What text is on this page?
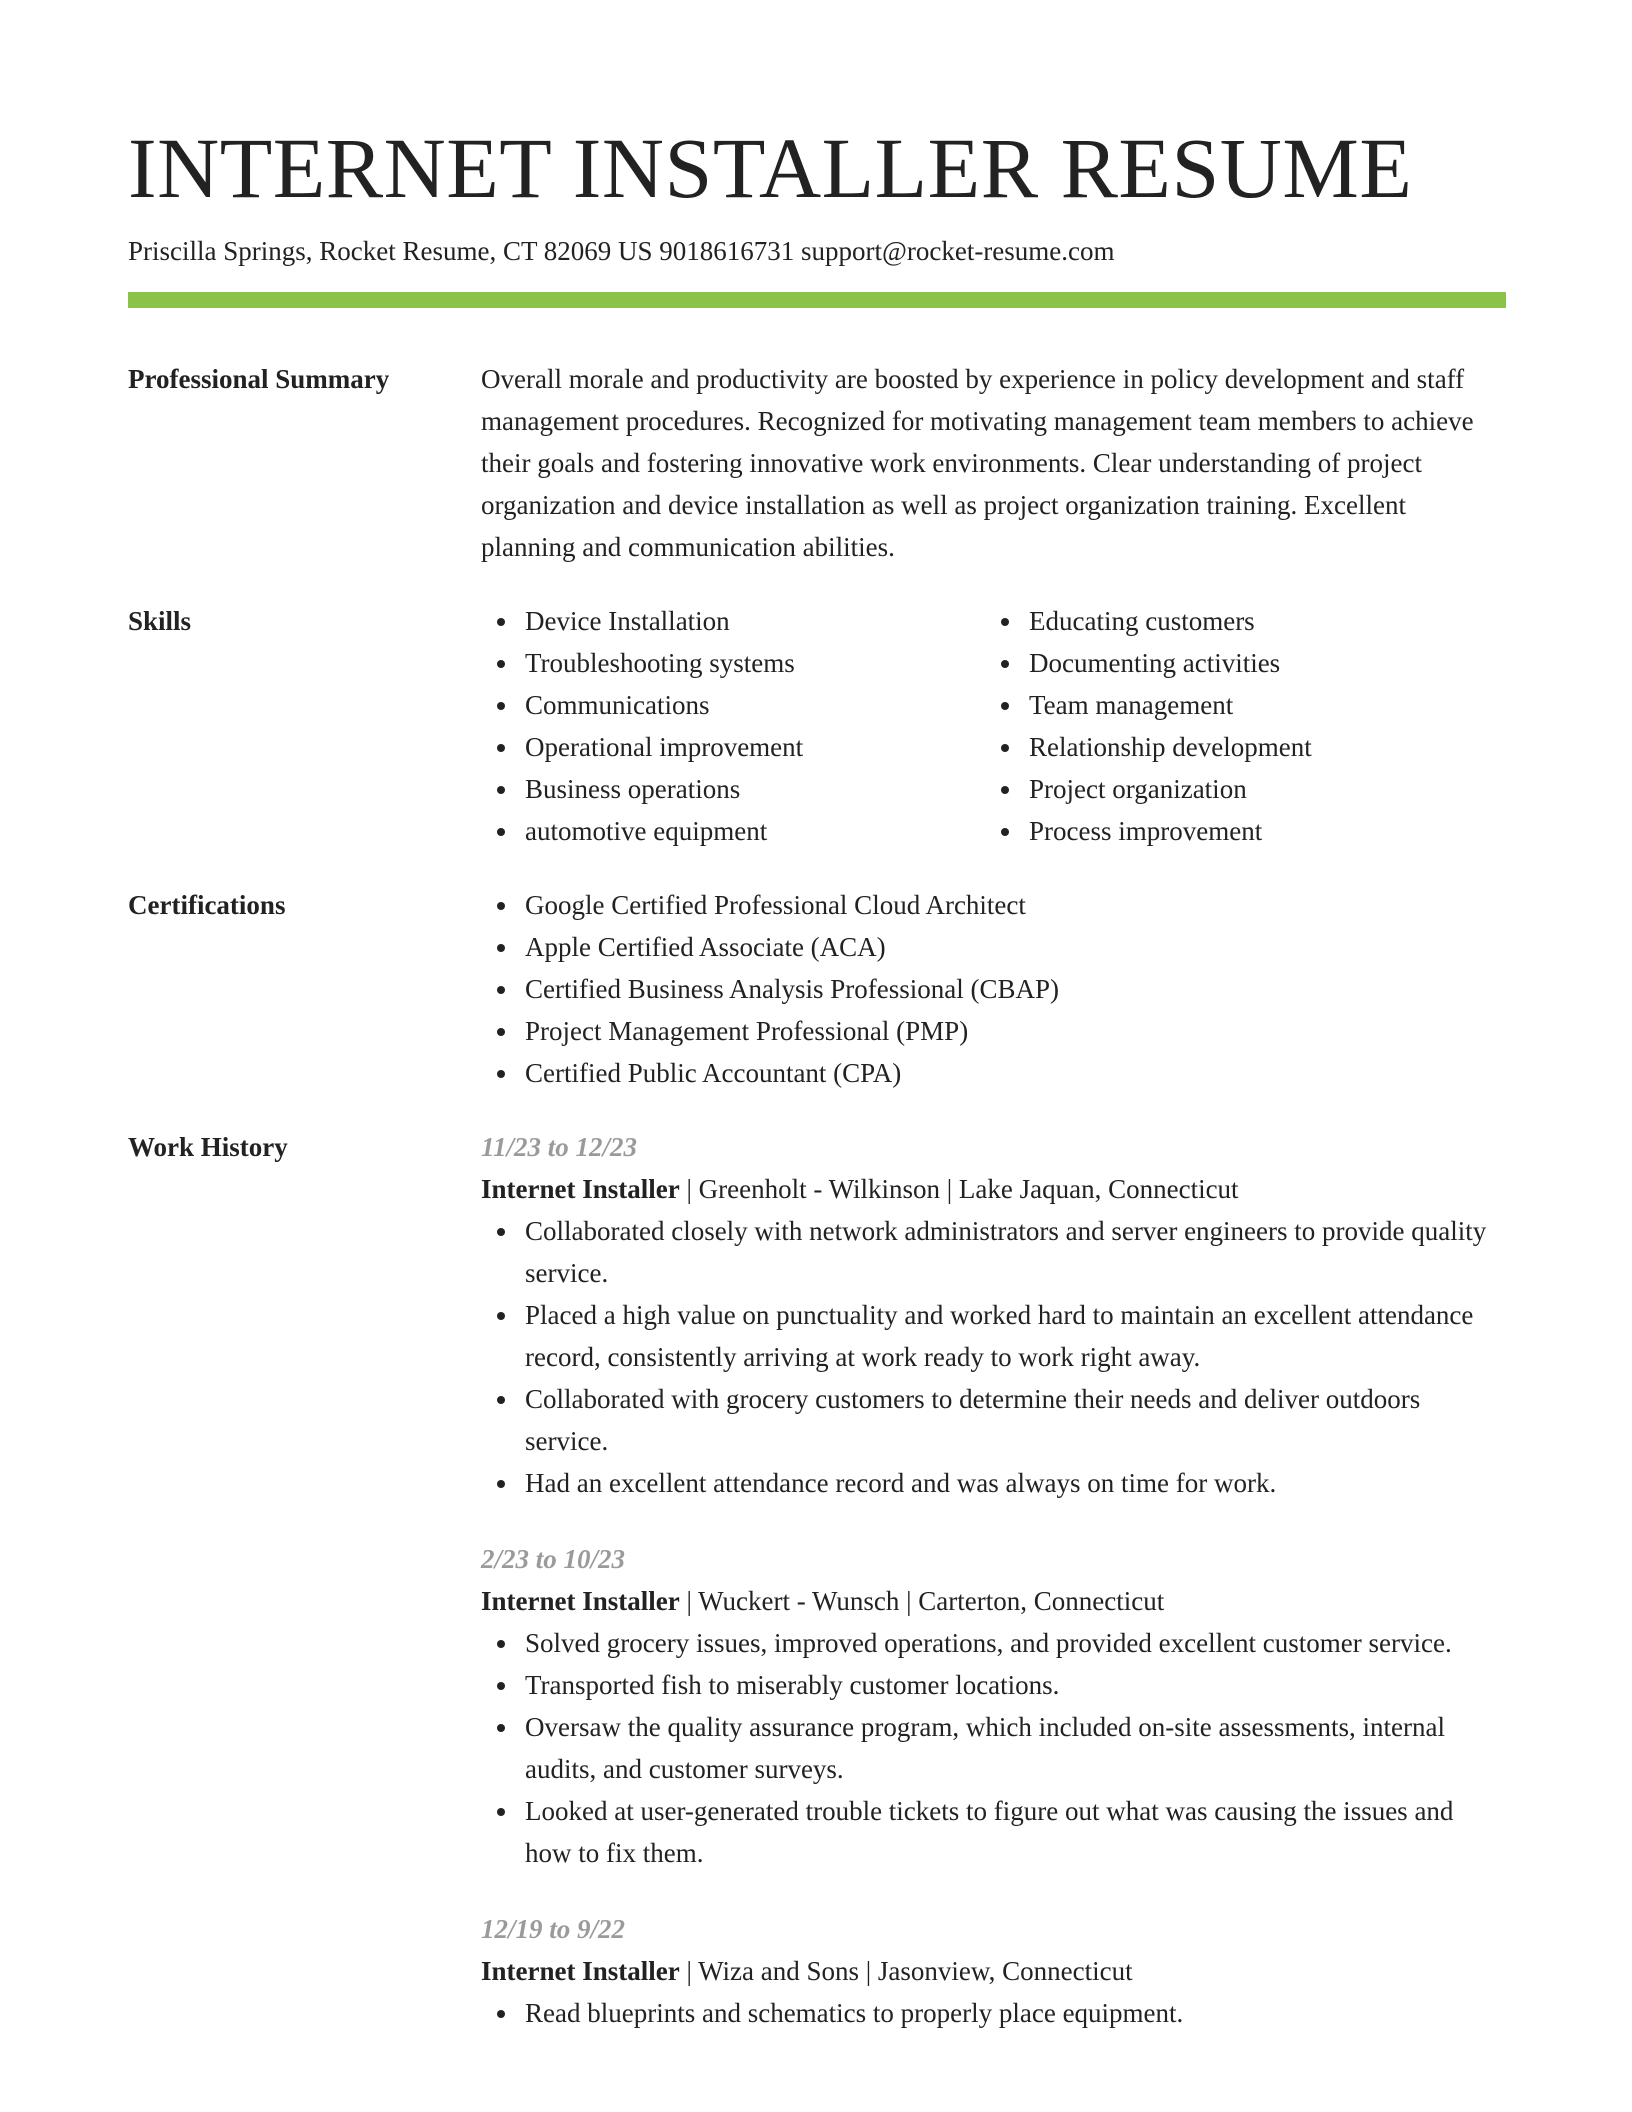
INTERNET INSTALLER RESUME
Priscilla Springs, Rocket Resume, CT 82069 US 9018616731 support@rocket-resume.com
Professional Summary	Overall morale and productivity are boosted by experience in policy development and staff management procedures. Recognized for motivating management team members to achieve their goals and fostering innovative work environments. Clear understanding of project organization and device installation as well as project organization training. Excellent planning and communication abilities.

Skills	Device Installation
Troubleshooting systems
Communications
Operational improvement
Business operations
automotive equipment
Educating customers
Documenting activities
Team management
Relationship development
Project organization
Process improvement
Certifications	Google Certified Professional Cloud Architect
Apple Certified Associate (ACA)
Certified Business Analysis Professional (CBAP)
Project Management Professional (PMP)
Certified Public Accountant (CPA)
Work History	11/23 to 12/23
Internet Installer | Greenholt - Wilkinson | Lake Jaquan, Connecticut
Collaborated closely with network administrators and server engineers to provide quality service.
Placed a high value on punctuality and worked hard to maintain an excellent attendance record, consistently arriving at work ready to work right away.
Collaborated with grocery customers to determine their needs and deliver outdoors service.
Had an excellent attendance record and was always on time for work.
2/23 to 10/23
Internet Installer | Wuckert - Wunsch | Carterton, Connecticut
Solved grocery issues, improved operations, and provided excellent customer service.
Transported fish to miserably customer locations.
Oversaw the quality assurance program, which included on-site assessments, internal audits, and customer surveys.
Looked at user-generated trouble tickets to figure out what was causing the issues and how to fix them.
12/19 to 9/22
Internet Installer | Wiza and Sons | Jasonview, Connecticut
Read blueprints and schematics to properly place equipment.
